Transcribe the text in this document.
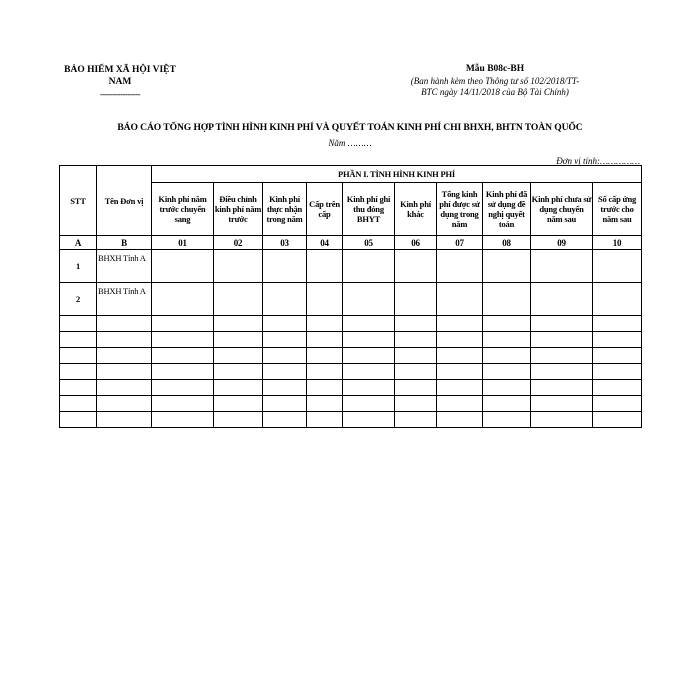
BẢO HIỂM XÃ HỘI VIỆT
NAM
----------------
Mẫu B08c-BH
(Ban hành kèm theo Thông tư số 102/2018/TT-
BTC ngày 14/11/2018 của Bộ Tài Chính)
BÁO CÁO TỔNG HỢP TÌNH HÌNH KINH PHÍ VÀ QUYẾT TOÁN KINH PHÍ CHI BHXH, BHTN TOÀN QUỐC
Năm ………
Đơn vị tính:……………
STT	Tên Đơn vị	PHẦN I. TÌNH HÌNH KINH PHÍ									
		Kinh phí năm trước chuyển sang	Điều chỉnh kinh phí năm trước	Kinh phí thực nhận trong năm	Cấp trên cấp	Kinh phí ghi thu đóng BHYT	Kinh phí khác	Tổng kinh phí được sử dụng trong năm	Kinh phí đã sử dụng đề nghị quyết toán	Kinh phí chưa sử dụng chuyển năm sau	Số cấp ứng trước cho năm sau
A	B	01	02	03	04	05	06	07	08	09	10
1	BHXH Tỉnh A										
2	BHXH Tỉnh A										
